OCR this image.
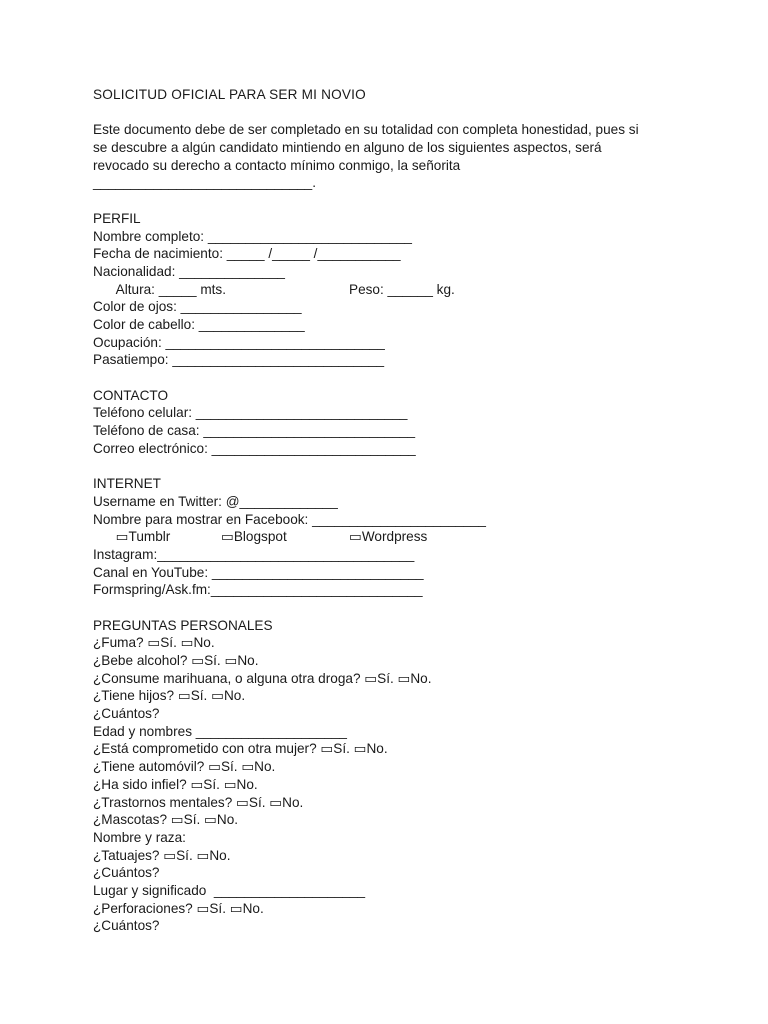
SOLICITUD OFICIAL PARA SER MI NOVIO
Este documento debe de ser completado en su totalidad con completa honestidad, pues si
se descubre a algún candidato mintiendo en alguno de los siguientes aspectos, será
revocado su derecho a contacto mínimo conmigo, la señorita
_____________________________.
PERFIL
Nombre completo: ___________________________
Fecha de nacimiento: _____ /_____ /___________
Nacionalidad: ______________

Altura: _____ mts.

	Peso: ______ kg.

Color de ojos: ________________
Color de cabello: ______________
Ocupación: _____________________________
Pasatiempo: ____________________________
CONTACTO
Teléfono celular: ____________________________
Teléfono de casa: ____________________________
Correo electrónico: ___________________________
INTERNET
Username en Twitter: @_____________
Nombre para mostrar en Facebook: _______________________

▭Tumblr

	▭Blogspot

	▭Wordpress

Instagram:__________________________________
Canal en YouTube: ____________________________
Formspring/Ask.fm:____________________________
PREGUNTAS PERSONALES
¿Fuma? ▭Sí. ▭No.
¿Bebe alcohol? ▭Sí. ▭No.
¿Consume marihuana, o alguna otra droga? ▭Sí. ▭No.
¿Tiene hijos? ▭Sí. ▭No.
¿Cuántos?
Edad y nombres ____________________
¿Está comprometido con otra mujer? ▭Sí. ▭No.
¿Tiene automóvil? ▭Sí. ▭No.
¿Ha sido infiel? ▭Sí. ▭No.
¿Trastornos mentales? ▭Sí. ▭No.
¿Mascotas? ▭Sí. ▭No.
Nombre y raza:
¿Tatuajes? ▭Sí. ▭No.
¿Cuántos?
Lugar y significado  ____________________
¿Perforaciones? ▭Sí. ▭No.
¿Cuántos?
